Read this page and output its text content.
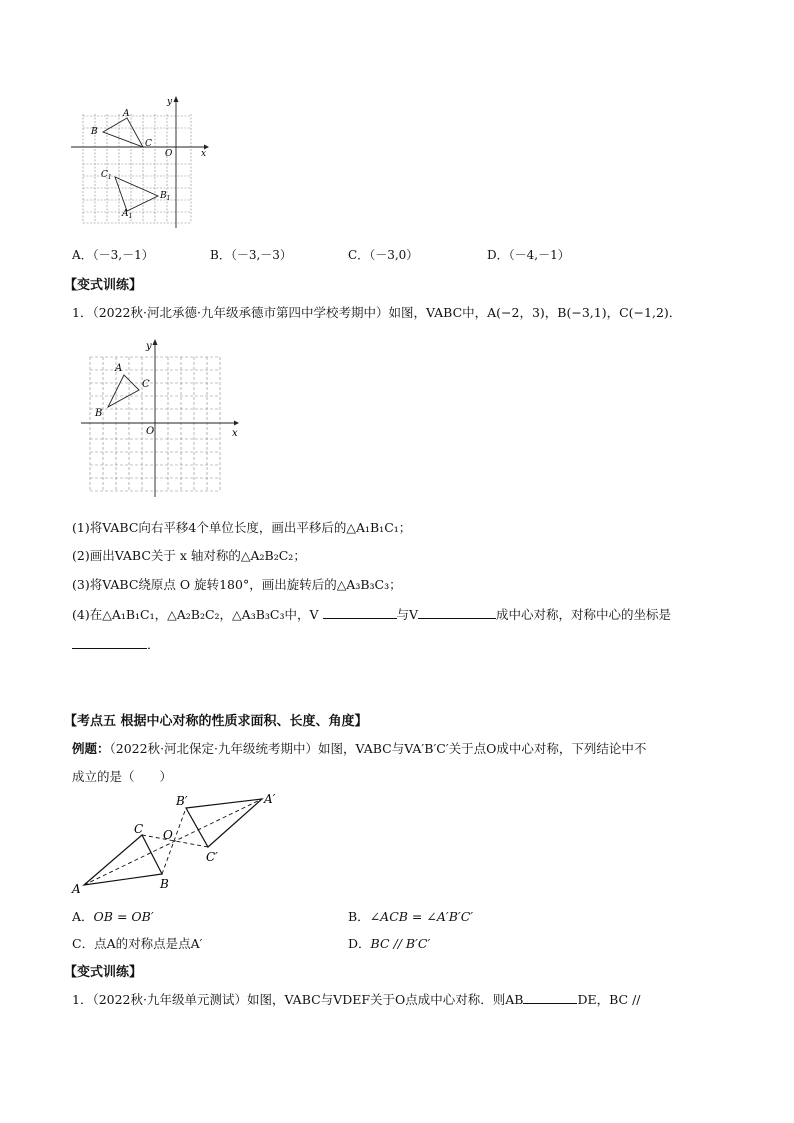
A
B
C
O	x
y
$C_1$
$B_1$
$A_1$
A．（－3,－1）	B．（－3,－3）	C．（－3,0）	D．（－4,－1）
【变式训练】
1．（2022秋·河北承德·九年级承德市第四中学校考期中）如图，VABC中，A(−2，3)，B(−3,1)，C(−1,2)．
A
B
C
O	x
y
(1)将VABC向右平移4个单位长度，画出平移后的△A₁B₁C₁；
(2)画出VABC关于 x 轴对称的△A₂B₂C₂；
(3)将VABC绕原点 O 旋转180°，画出旋转后的△A₃B₃C₃；
(4)在△A₁B₁C₁，△A₂B₂C₂，△A₃B₃C₃中，V	与V	成中心对称，对称中心的坐标是
．
【考点五 根据中心对称的性质求面积、长度、角度】
例题：（2022秋·河北保定·九年级统考期中）如图，VABC与VA′B′C′关于点O成中心对称，下列结论中不
成立的是（　　）
A
C
B
O
A′
B′
C′
A．OB = OB′	B．∠ACB = ∠A′B′C′
C．点A的对称点是点A′	D．BC // B′C′
【变式训练】
1．（2022秋·九年级单元测试）如图，VABC与VDEF关于O点成中心对称．则AB	DE，BC //
